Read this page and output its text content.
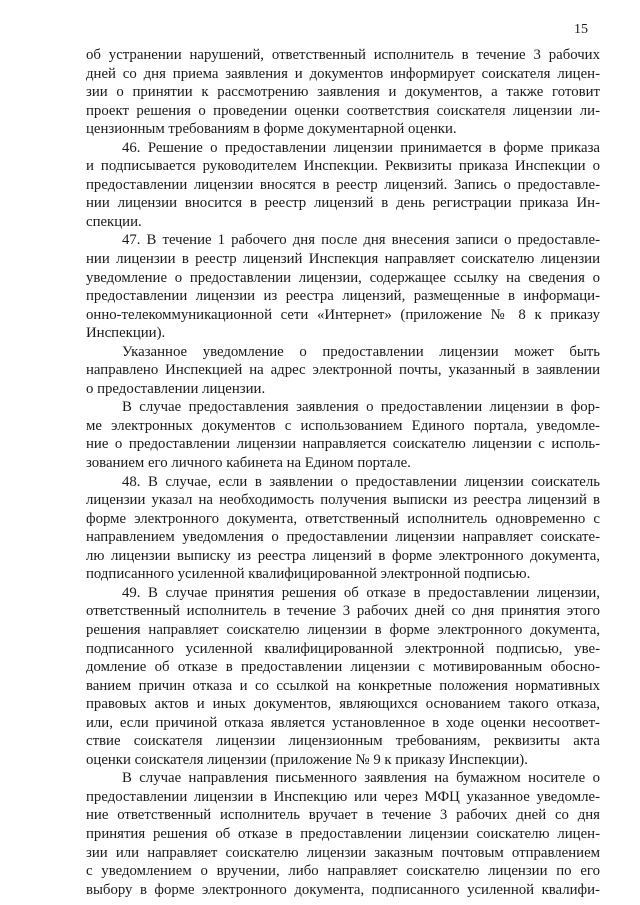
15
об устранении нарушений, ответственный исполнитель в течение 3 рабочих
дней со дня приема заявления и документов информирует соискателя лицен-
зии о принятии к рассмотрению заявления и документов, а также готовит
проект решения о проведении оценки соответствия соискателя лицензии ли-
цензионным требованиям в форме документарной оценки.
46. Решение о предоставлении лицензии принимается в форме приказа
и подписывается руководителем Инспекции. Реквизиты приказа Инспекции о
предоставлении лицензии вносятся в реестр лицензий. Запись о предоставле-
нии лицензии вносится в реестр лицензий в день регистрации приказа Ин-
спекции.
47. В течение 1 рабочего дня после дня внесения записи о предоставле-
нии лицензии в реестр лицензий Инспекция направляет соискателю лицензии
уведомление о предоставлении лицензии, содержащее ссылку на сведения о
предоставлении лицензии из реестра лицензий, размещенные в информаци-
онно-телекоммуникационной сети «Интернет» (приложение № 8 к приказу
Инспекции).
Указанное уведомление о предоставлении лицензии может быть
направлено Инспекцией на адрес электронной почты, указанный в заявлении
о предоставлении лицензии.
В случае предоставления заявления о предоставлении лицензии в фор-
ме электронных документов с использованием Единого портала, уведомле-
ние о предоставлении лицензии направляется соискателю лицензии с исполь-
зованием его личного кабинета на Едином портале.
48. В случае, если в заявлении о предоставлении лицензии соискатель
лицензии указал на необходимость получения выписки из реестра лицензий в
форме электронного документа, ответственный исполнитель одновременно с
направлением уведомления о предоставлении лицензии направляет соискате-
лю лицензии выписку из реестра лицензий в форме электронного документа,
подписанного усиленной квалифицированной электронной подписью.
49. В случае принятия решения об отказе в предоставлении лицензии,
ответственный исполнитель в течение 3 рабочих дней со дня принятия этого
решения направляет соискателю лицензии в форме электронного документа,
подписанного усиленной квалифицированной электронной подписью, уве-
домление об отказе в предоставлении лицензии с мотивированным обосно-
ванием причин отказа и со ссылкой на конкретные положения нормативных
правовых актов и иных документов, являющихся основанием такого отказа,
или, если причиной отказа является установленное в ходе оценки несоответ-
ствие соискателя лицензии лицензионным требованиям, реквизиты акта
оценки соискателя лицензии (приложение № 9 к приказу Инспекции).
В случае направления письменного заявления на бумажном носителе о
предоставлении лицензии в Инспекцию или через МФЦ указанное уведомле-
ние ответственный исполнитель вручает в течение 3 рабочих дней со дня
принятия решения об отказе в предоставлении лицензии соискателю лицен-
зии или направляет соискателю лицензии заказным почтовым отправлением
с уведомлением о вручении, либо направляет соискателю лицензии по его
выбору в форме электронного документа, подписанного усиленной квалифи-
